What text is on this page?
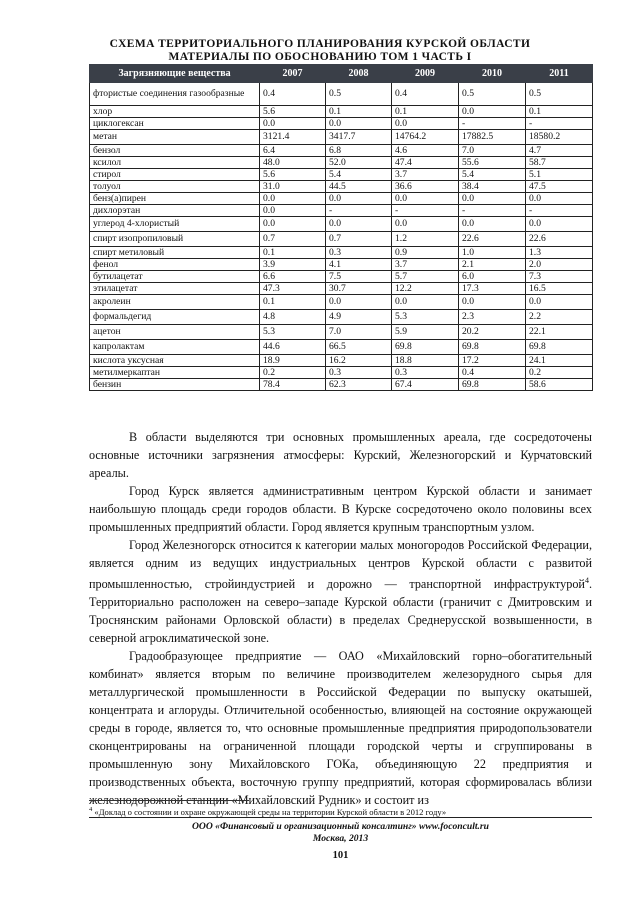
СХЕМА ТЕРРИТОРИАЛЬНОГО ПЛАНИРОВАНИЯ КУРСКОЙ ОБЛАСТИ
МАТЕРИАЛЫ ПО ОБОСНОВАНИЮ ТОМ 1 ЧАСТЬ I
Загрязняющие вещества	2007	2008	2009	2010	2011
фтористые соединения газообразные	0.4	0.5	0.4	0.5	0.5
хлор	5.6	0.1	0.1	0.0	0.1
циклогексан	0.0	0.0	0.0	-	-
метан	3121.4	3417.7	14764.2	17882.5	18580.2
бензол	6.4	6.8	4.6	7.0	4.7
ксилол	48.0	52.0	47.4	55.6	58.7
стирол	5.6	5.4	3.7	5.4	5.1
толуол	31.0	44.5	36.6	38.4	47.5
бенз(а)пирен	0.0	0.0	0.0	0.0	0.0
дихлорэтан	0.0	-	-	-	-
углерод 4-хлористый	0.0	0.0	0.0	0.0	0.0
спирт изопропиловый	0.7	0.7	1.2	22.6	22.6
спирт метиловый	0.1	0.3	0.9	1.0	1.3
фенол	3.9	4.1	3.7	2.1	2.0
бутилацетат	6.6	7.5	5.7	6.0	7.3
этилацетат	47.3	30.7	12.2	17.3	16.5
акролеин	0.1	0.0	0.0	0.0	0.0
формальдегид	4.8	4.9	5.3	2.3	2.2
ацетон	5.3	7.0	5.9	20.2	22.1
капролактам	44.6	66.5	69.8	69.8	69.8
кислота уксусная	18.9	16.2	18.8	17.2	24.1
метилмеркаптан	0.2	0.3	0.3	0.4	0.2
бензин	78.4	62.3	67.4	69.8	58.6

В области выделяются три основных промышленных ареала, где сосредоточены основные источники загрязнения атмосферы: Курский, Железногорский и Курчатовский ареалы.

Город Курск является административным центром Курской области и занимает наибольшую площадь среди городов области. В Курске сосредоточено около половины всех промышленных предприятий области. Город является крупным транспортным узлом.

Город Железногорск относится к категории малых моногородов Российской Федерации, является одним из ведущих индустриальных центров Курской области с развитой промышленностью, стройиндустрией и дорожно — транспортной инфраструктурой$^4$. Территориально расположен на северо–западе Курской области (граничит с Дмитровским и Троснянским районами Орловской области) в пределах Среднерусской возвышенности, в северной агроклиматической зоне.

Градообразующее предприятие — ОАО «Михайловский горно–обогатительный комбинат» является вторым по величине производителем железорудного сырья для металлургической промышленности в Российской Федерации по выпуску окатышей, концентрата и аглоруды. Отличительной особенностью, влияющей на состояние окружающей среды в городе, является то, что основные промышленные предприятия природопользователи сконцентрированы на ограниченной площади городской черты и сгруппированы в промышленную зону Михайловского ГОКа, объединяющую 22 предприятия и производственных объекта, восточную группу предприятий, которая сформировалась вблизи железнодорожной станции «Михайловский Рудник» и состоит из

$^4$ «Доклад о состоянии и охране окружающей среды на территории Курской области в 2012 году»
ООО «Финансовый и организационный консалтинг» www.foconcult.ru
Москва, 2013
101
